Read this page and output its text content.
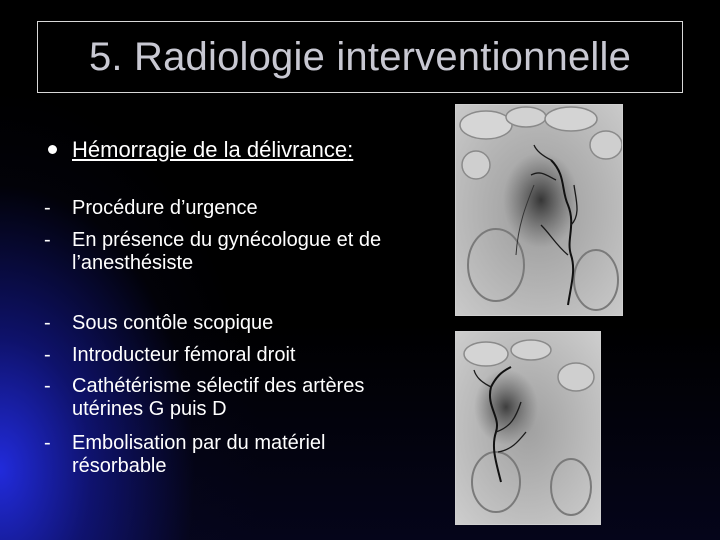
5. Radiologie interventionnelle
Hémorragie de la délivrance:
- Procédure d’urgence
- En présence du gynécologue et de l’anesthésiste
- Sous contôle scopique
- Introducteur fémoral droit
- Cathétérisme sélectif des artères utérines G puis D
- Embolisation par du matériel résorbable
